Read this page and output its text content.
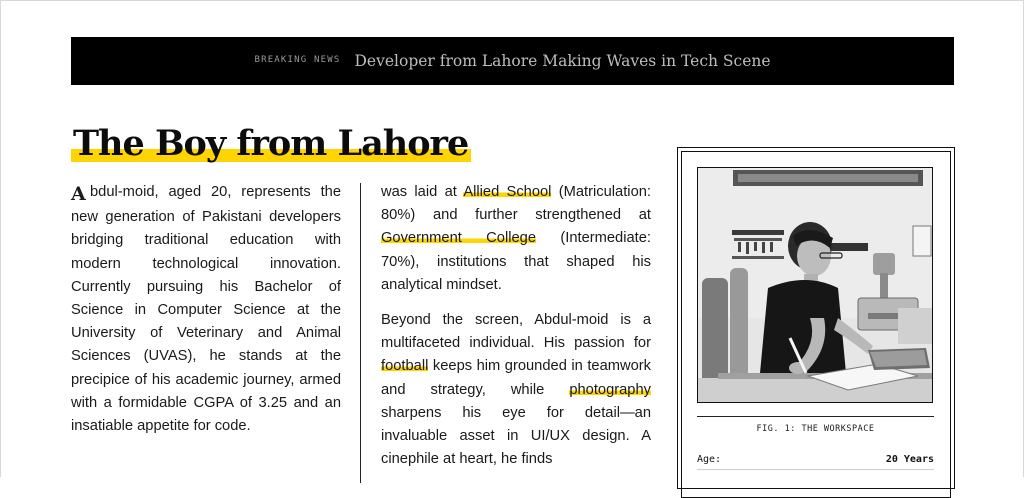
BREAKING NEWS Developer from Lahore Making Waves in Tech Scene
The Boy from Lahore

A bdul-moid, aged 20, represents the new generation of Pakistani developers bridging traditional education with modern technological innovation. Currently pursuing his Bachelor of Science in Computer Science at the University of Veterinary and Animal Sciences (UVAS), he stands at the precipice of his academic journey, armed with a formidable CGPA of 3.25 and an insatiable appetite for code.

was laid at Allied School (Matriculation: 80%) and further strengthened at Government College (Intermediate: 70%), institutions that shaped his analytical mindset.

Beyond the screen, Abdul-moid is a multifaceted individual. His passion for football keeps him grounded in teamwork and strategy, while photography sharpens his eye for detail—an invaluable asset in UI/UX design. A cinephile at heart, he finds

FIG. 1: THE WORKSPACE
Age:	20 Years
